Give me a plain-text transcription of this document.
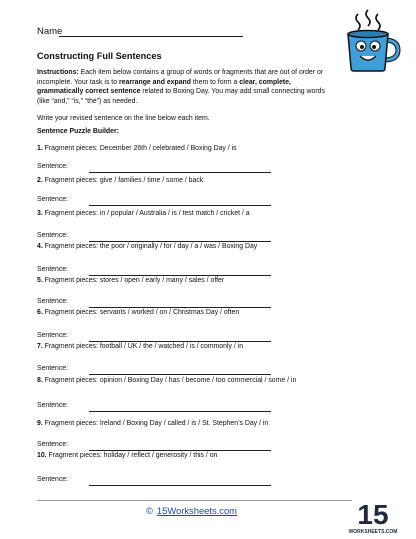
Name
Constructing Full Sentences
Instructions: Each item below contains a group of words or fragments that are out of order or incomplete. Your task is to rearrange and expand them to form a clear, complete, grammatically correct sentence related to Boxing Day. You may add small connecting words (like “and,” “is,” “the”) as needed.
Write your revised sentence on the line below each item.
Sentence Puzzle Builder:
1. Fragment pieces: December 26th / celebrated / Boxing Day / is
Sentence:
2. Fragment pieces: give / families / time / some / back
Sentence:
3. Fragment pieces: in / popular / Australia / is / test match / cricket / a
Sentence:
4. Fragment pieces: the poor / originally / for / day / a / was / Boxing Day
Sentence:
5. Fragment pieces: stores / open / early / many / sales / offer
Sentence:
6. Fragment pieces: servants / worked / on / Christmas Day / often
Sentence:
7. Fragment pieces: football / UK / the / watched / is / commonly / in
Sentence:
8. Fragment pieces: opinion / Boxing Day / has / become / too commercial / some / in
Sentence:
9. Fragment pieces: Ireland / Boxing Day / called / is / St. Stephen’s Day / in
Sentence:
10. Fragment pieces: holiday / reflect / generosity / this / on
Sentence:
© 15Worksheets.com	15
WORKSHEETS.COM
